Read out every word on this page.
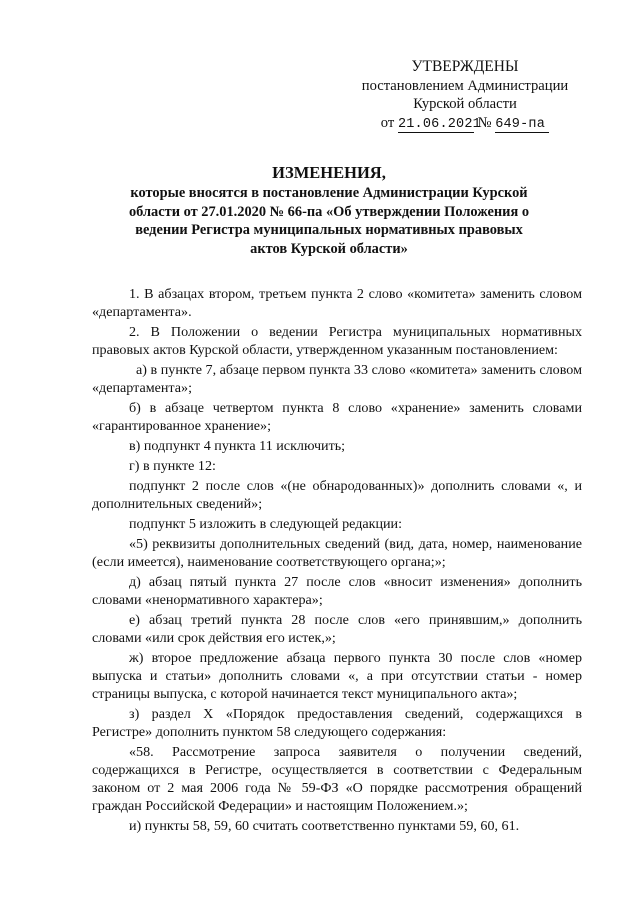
УТВЕРЖДЕНЫ
постановлением Администрации
Курской области
от 21.06.2021 № 649-па
ИЗМЕНЕНИЯ,
которые вносятся в постановление Администрации Курской области от 27.01.2020 № 66-па «Об утверждении Положения о ведении Регистра муниципальных нормативных правовых актов Курской области»

1. В абзацах втором, третьем пункта 2 слово «комитета» заменить словом «департамента».

2. В Положении о ведении Регистра муниципальных нормативных правовых актов Курской области, утвержденном указанным постановлением:

а) в пункте 7, абзаце первом пункта 33 слово «комитета» заменить словом «департамента»;

б) в абзаце четвертом пункта 8 слово «хранение» заменить словами «гарантированное хранение»;

в) подпункт 4 пункта 11 исключить;

г) в пункте 12:

подпункт 2 после слов «(не обнародованных)» дополнить словами «, и дополнительных сведений»;

подпункт 5 изложить в следующей редакции:

«5) реквизиты дополнительных сведений (вид, дата, номер, наименование (если имеется), наименование соответствующего органа;»;

д) абзац пятый пункта 27 после слов «вносит изменения» дополнить словами «ненормативного характера»;

е) абзац третий пункта 28 после слов «его принявшим,» дополнить словами «или срок действия его истек,»;

ж) второе предложение абзаца первого пункта 30 после слов «номер выпуска и статьи» дополнить словами «, а при отсутствии статьи - номер страницы выпуска, с которой начинается текст муниципального акта»;

з) раздел X «Порядок предоставления сведений, содержащихся в Регистре» дополнить пунктом 58 следующего содержания:

«58. Рассмотрение запроса заявителя о получении сведений, содержащихся в Регистре, осуществляется в соответствии с Федеральным законом от 2 мая 2006 года № 59-ФЗ «О порядке рассмотрения обращений граждан Российской Федерации» и настоящим Положением.»;

и) пункты 58, 59, 60 считать соответственно пунктами 59, 60, 61.
